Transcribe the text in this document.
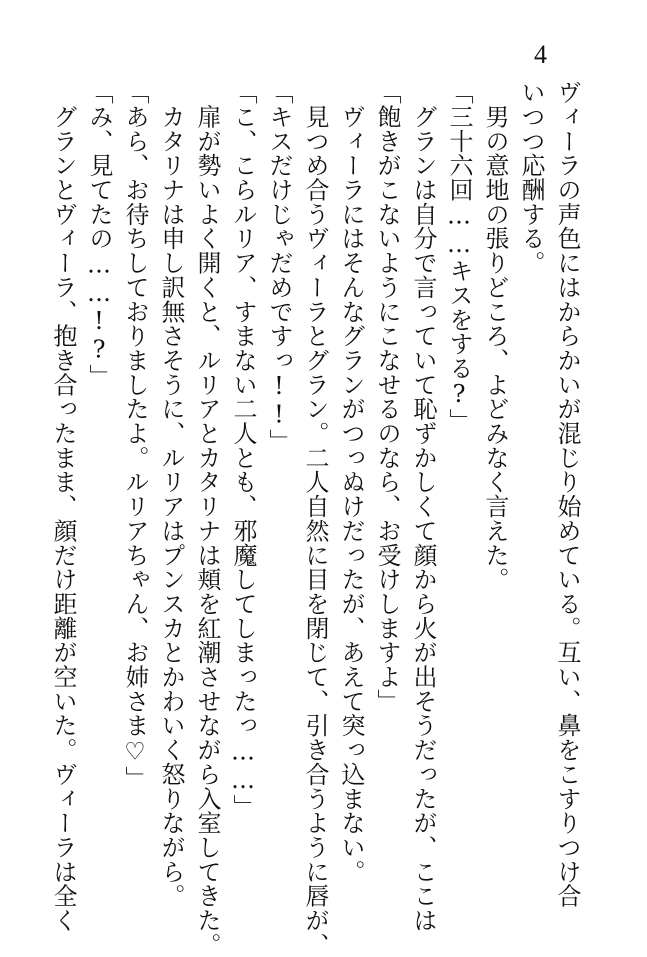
4
ヴィーラの声色にはからかいが混じり始めている。互い、鼻をこすりつけ合
いつつ応酬する。
　男の意地の張りどころ、よどみなく言えた。
「三十六回……キスをする?」
　グランは自分で言っていて恥ずかしくて顔から火が出そうだったが、ここは
「飽きがこないようにこなせるのなら、お受けしますよ」
　ヴィーラにはそんなグランがつっぬけだったが、あえて突っ込まない。
　見つめ合うヴィーラとグラン。二人自然に目を閉じて、引き合うように唇が、
「キスだけじゃだめですっ!!」
「こ、こらルリア、すまない二人とも、邪魔してしまったっ……」
　扉が勢いよく開くと、ルリアとカタリナは頬を紅潮させながら入室してきた。
　カタリナは申し訳無さそうに、ルリアはプンスカとかわいく怒りながら。
「あら、お待ちしておりましたよ。ルリアちゃん、お姉さま♡」
「み、見てたの……!?」
　グランとヴィーラ、抱き合ったまま、顔だけ距離が空いた。ヴィーラは全く
